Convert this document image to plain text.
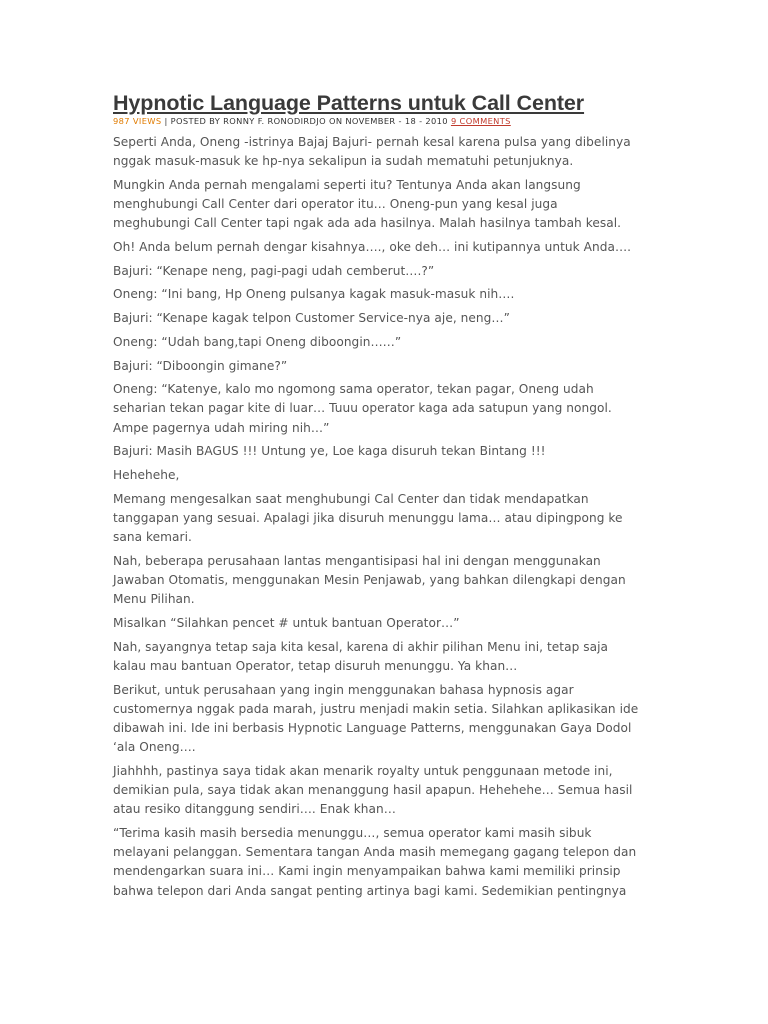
Hypnotic Language Patterns untuk Call Center
987 VIEWS | POSTED BY RONNY F. RONODIRDJO ON NOVEMBER - 18 - 2010 9 COMMENTS

Seperti Anda, Oneng -istrinya Bajaj Bajuri- pernah kesal karena pulsa yang dibelinya
nggak masuk-masuk ke hp-nya sekalipun ia sudah mematuhi petunjuknya.

Mungkin Anda pernah mengalami seperti itu? Tentunya Anda akan langsung
menghubungi Call Center dari operator itu… Oneng-pun yang kesal juga
meghubungi Call Center tapi ngak ada ada hasilnya. Malah hasilnya tambah kesal.

Oh! Anda belum pernah dengar kisahnya…., oke deh… ini kutipannya untuk Anda….

Bajuri: “Kenape neng, pagi-pagi udah cemberut….?”

Oneng: “Ini bang, Hp Oneng pulsanya kagak masuk-masuk nih….

Bajuri: “Kenape kagak telpon Customer Service-nya aje, neng…”

Oneng: “Udah bang,tapi Oneng diboongin……”

Bajuri: “Diboongin gimane?”

Oneng: “Katenye, kalo mo ngomong sama operator, tekan pagar, Oneng udah
seharian tekan pagar kite di luar… Tuuu operator kaga ada satupun yang nongol.
Ampe pagernya udah miring nih…”

Bajuri: Masih BAGUS !!! Untung ye, Loe kaga disuruh tekan Bintang !!!

Hehehehe,

Memang mengesalkan saat menghubungi Cal Center dan tidak mendapatkan
tanggapan yang sesuai. Apalagi jika disuruh menunggu lama… atau dipingpong ke
sana kemari.

Nah, beberapa perusahaan lantas mengantisipasi hal ini dengan menggunakan
Jawaban Otomatis, menggunakan Mesin Penjawab, yang bahkan dilengkapi dengan
Menu Pilihan.

Misalkan “Silahkan pencet # untuk bantuan Operator…”

Nah, sayangnya tetap saja kita kesal, karena di akhir pilihan Menu ini, tetap saja
kalau mau bantuan Operator, tetap disuruh menunggu. Ya khan…

Berikut, untuk perusahaan yang ingin menggunakan bahasa hypnosis agar
customernya nggak pada marah, justru menjadi makin setia. Silahkan aplikasikan ide
dibawah ini. Ide ini berbasis Hypnotic Language Patterns, menggunakan Gaya Dodol
‘ala Oneng….

Jiahhhh, pastinya saya tidak akan menarik royalty untuk penggunaan metode ini,
demikian pula, saya tidak akan menanggung hasil apapun. Hehehehe… Semua hasil
atau resiko ditanggung sendiri…. Enak khan…

“Terima kasih masih bersedia menunggu…, semua operator kami masih sibuk
melayani pelanggan. Sementara tangan Anda masih memegang gagang telepon dan
mendengarkan suara ini… Kami ingin menyampaikan bahwa kami memiliki prinsip
bahwa telepon dari Anda sangat penting artinya bagi kami. Sedemikian pentingnya
